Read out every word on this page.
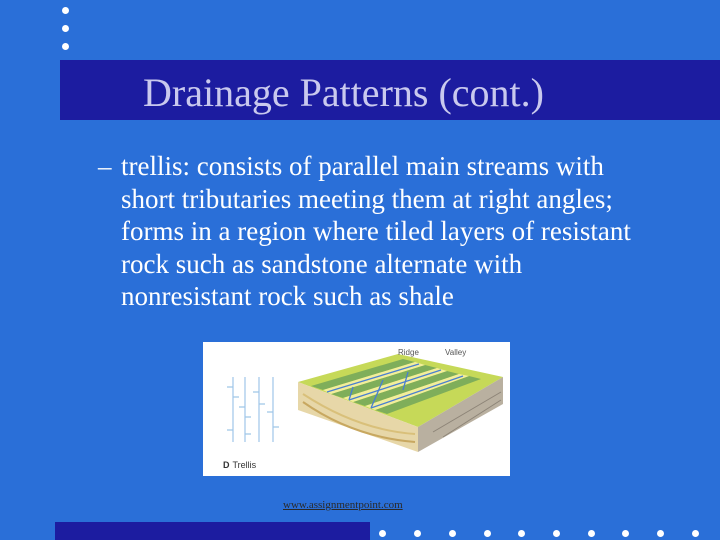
Drainage Patterns (cont.)
– trellis: consists of parallel main streams with
short tributaries meeting them at right angles;
forms in a region where tiled layers of resistant
rock such as sandstone alternate with
nonresistant rock such as shale
Ridge	Valley
D Trellis
www.assignmentpoint.com
